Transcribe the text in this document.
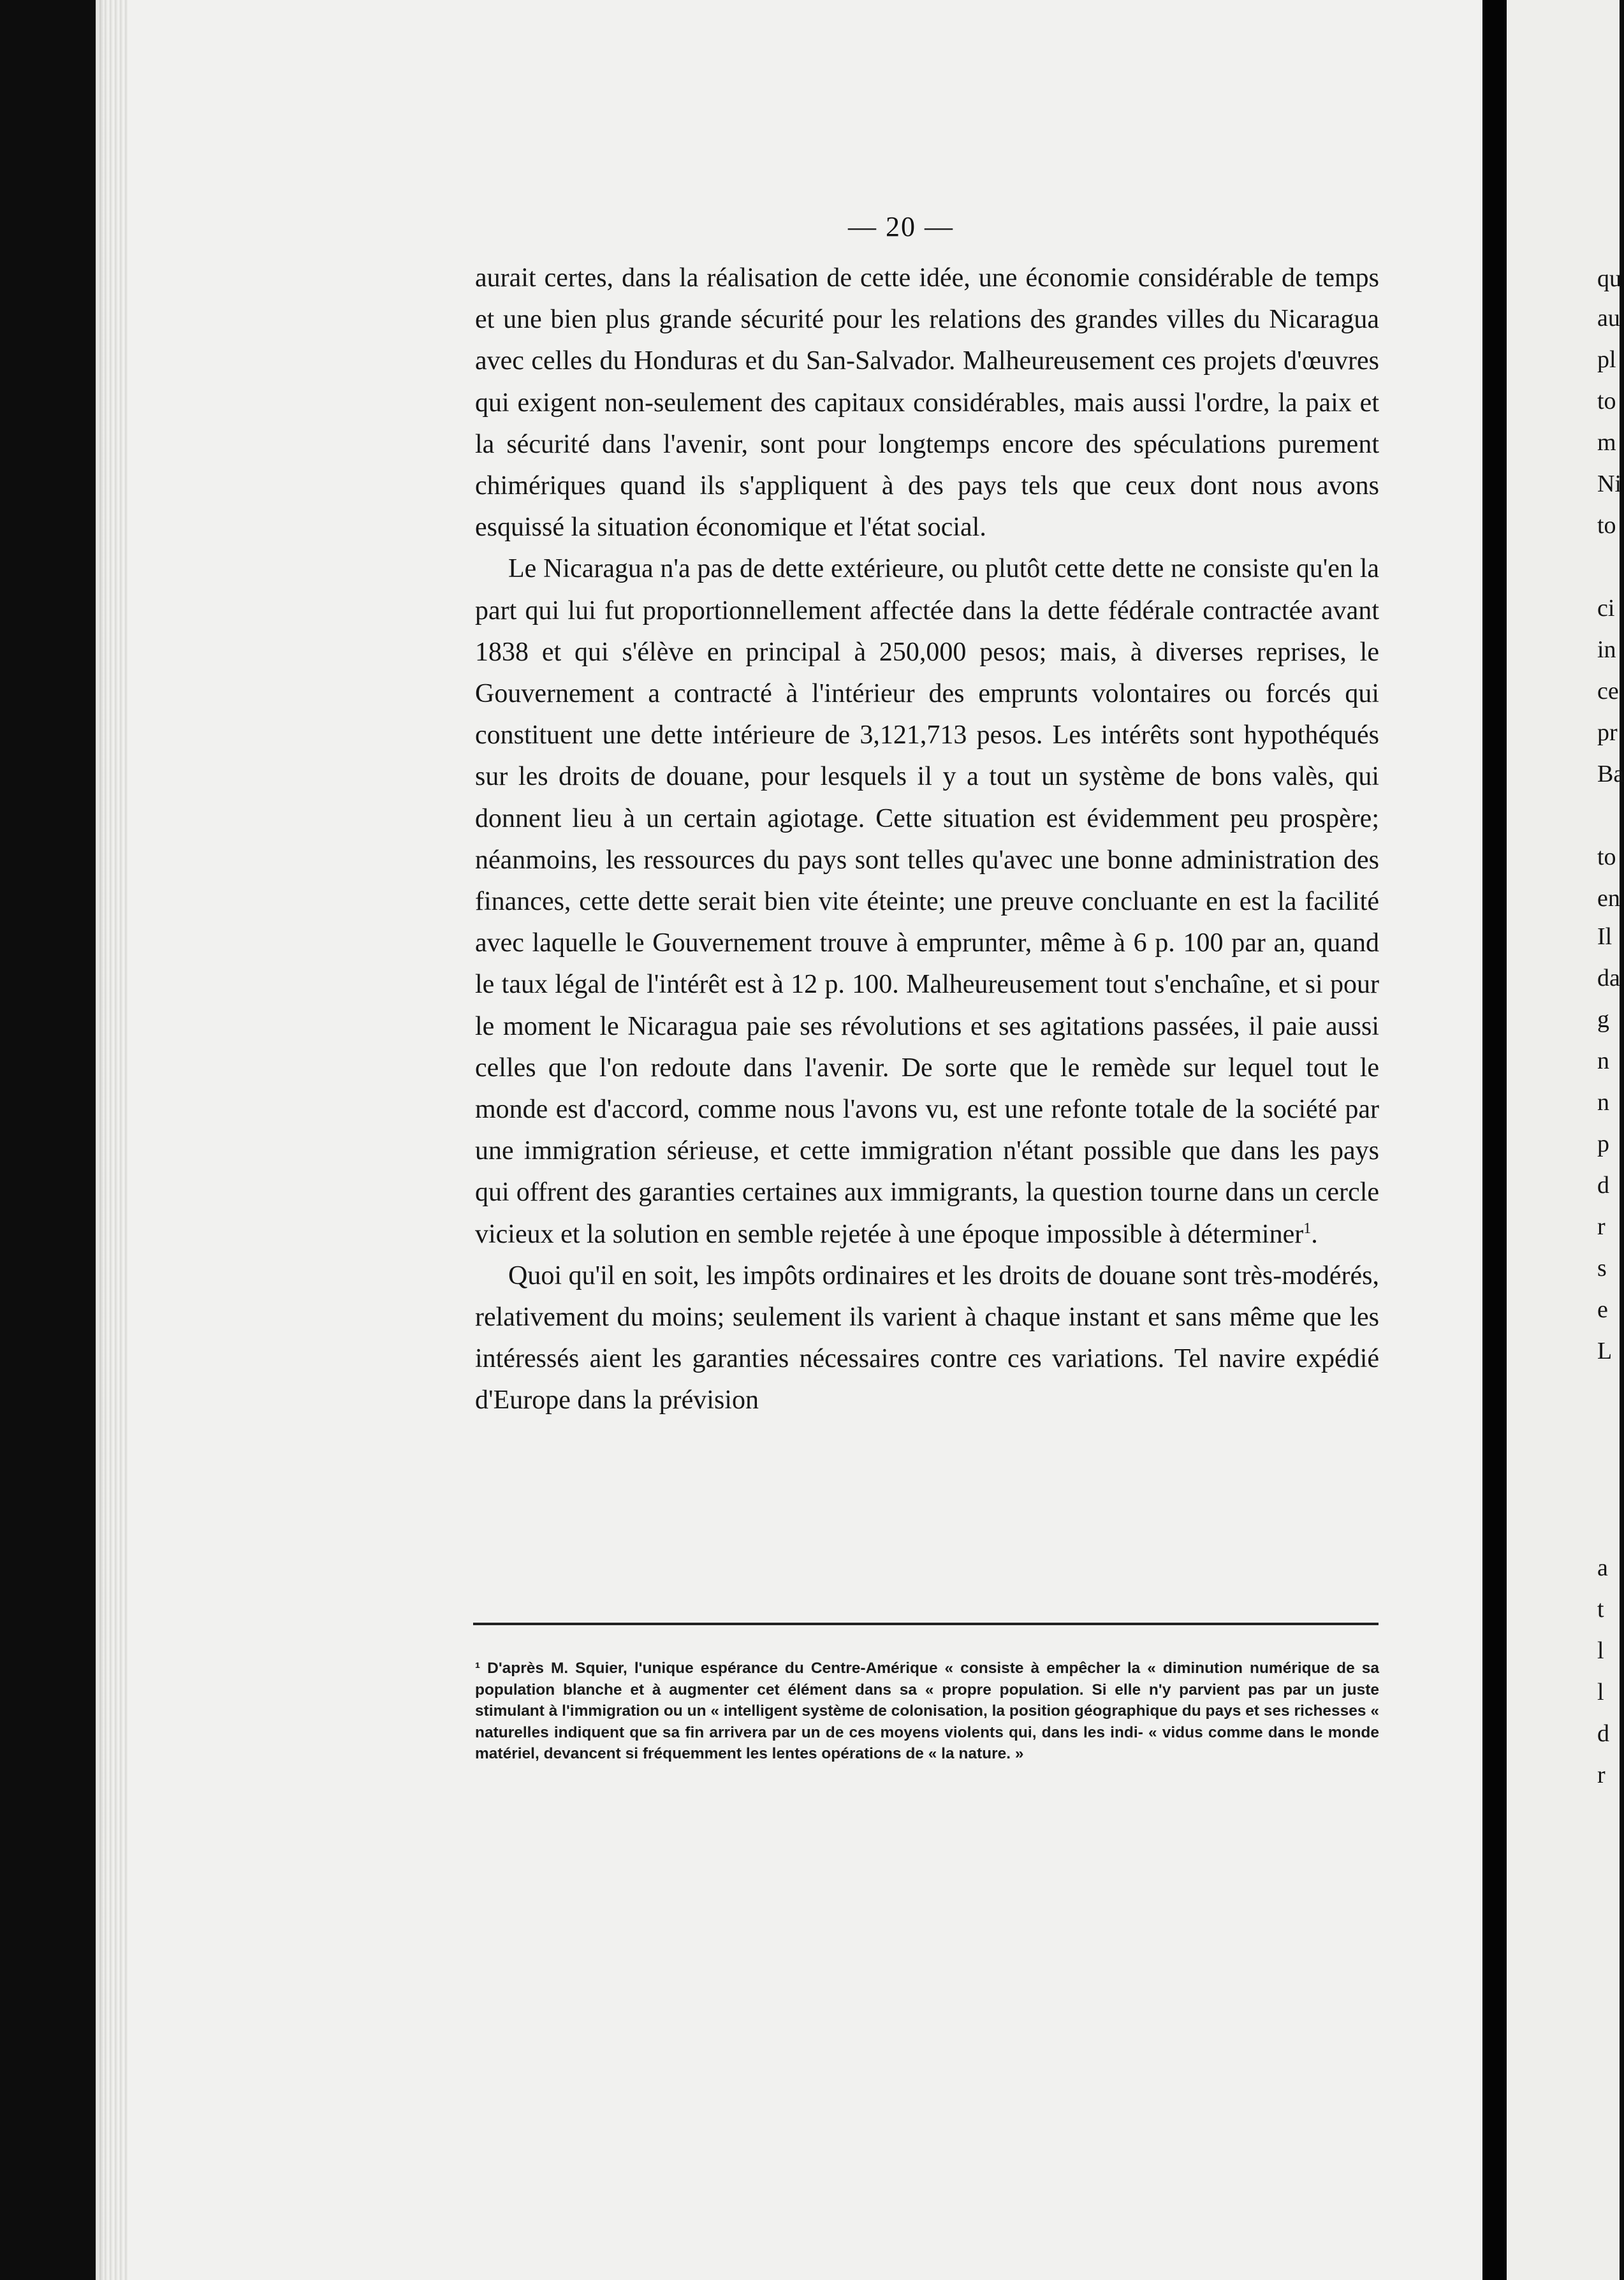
— 20 —

aurait certes, dans la réalisation de cette idée, une économie considérable de temps et une bien plus grande sécurité pour les relations des grandes villes du Nicaragua avec celles du Honduras et du San-Salvador. Malheureusement ces projets d'œuvres qui exigent non-seulement des capitaux considérables, mais aussi l'ordre, la paix et la sécurité dans l'avenir, sont pour longtemps encore des spéculations purement chimériques quand ils s'appliquent à des pays tels que ceux dont nous avons esquissé la situation économique et l'état social.

Le Nicaragua n'a pas de dette extérieure, ou plutôt cette dette ne consiste qu'en la part qui lui fut proportionnellement affectée dans la dette fédérale contractée avant 1838 et qui s'élève en principal à 250,000 pesos; mais, à diverses reprises, le Gouvernement a contracté à l'intérieur des emprunts volontaires ou forcés qui constituent une dette intérieure de 3,121,713 pesos. Les intérêts sont hypothéqués sur les droits de douane, pour lesquels il y a tout un système de bons valès, qui donnent lieu à un certain agiotage. Cette situation est évidemment peu prospère; néanmoins, les ressources du pays sont telles qu'avec une bonne administration des finances, cette dette serait bien vite éteinte; une preuve concluante en est la facilité avec laquelle le Gouvernement trouve à emprunter, même à 6 p. 100 par an, quand le taux légal de l'intérêt est à 12 p. 100. Malheureusement tout s'enchaîne, et si pour le moment le Nicaragua paie ses révolutions et ses agitations passées, il paie aussi celles que l'on redoute dans l'avenir. De sorte que le remède sur lequel tout le monde est d'accord, comme nous l'avons vu, est une refonte totale de la société par une immigration sérieuse, et cette immigration n'étant possible que dans les pays qui offrent des garanties certaines aux immigrants, la question tourne dans un cercle vicieux et la solution en semble rejetée à une époque impossible à déterminer$^1$.

Quoi qu'il en soit, les impôts ordinaires et les droits de douane sont très-modérés, relativement du moins; seulement ils varient à chaque instant et sans même que les intéressés aient les garanties nécessaires contre ces variations. Tel navire expédié d'Europe dans la prévision

¹ D'après M. Squier, l'unique espérance du Centre-Amérique « consiste à empêcher la « diminution numérique de sa population blanche et à augmenter cet élément dans sa « propre population. Si elle n'y parvient pas par un juste stimulant à l'immigration ou un « intelligent système de colonisation, la position géographique du pays et ses richesses « naturelles indiquent que sa fin arrivera par un de ces moyens violents qui, dans les indi- « vidus comme dans le monde matériel, devancent si fréquemment les lentes opérations de « la nature. »

qu
au
pl
to
m
Ni
to
ci
in
ce
pr
Ba
to
en
Il
da
g
n
n
p
d
r
s
e
L
a
t
l
l
d
r
